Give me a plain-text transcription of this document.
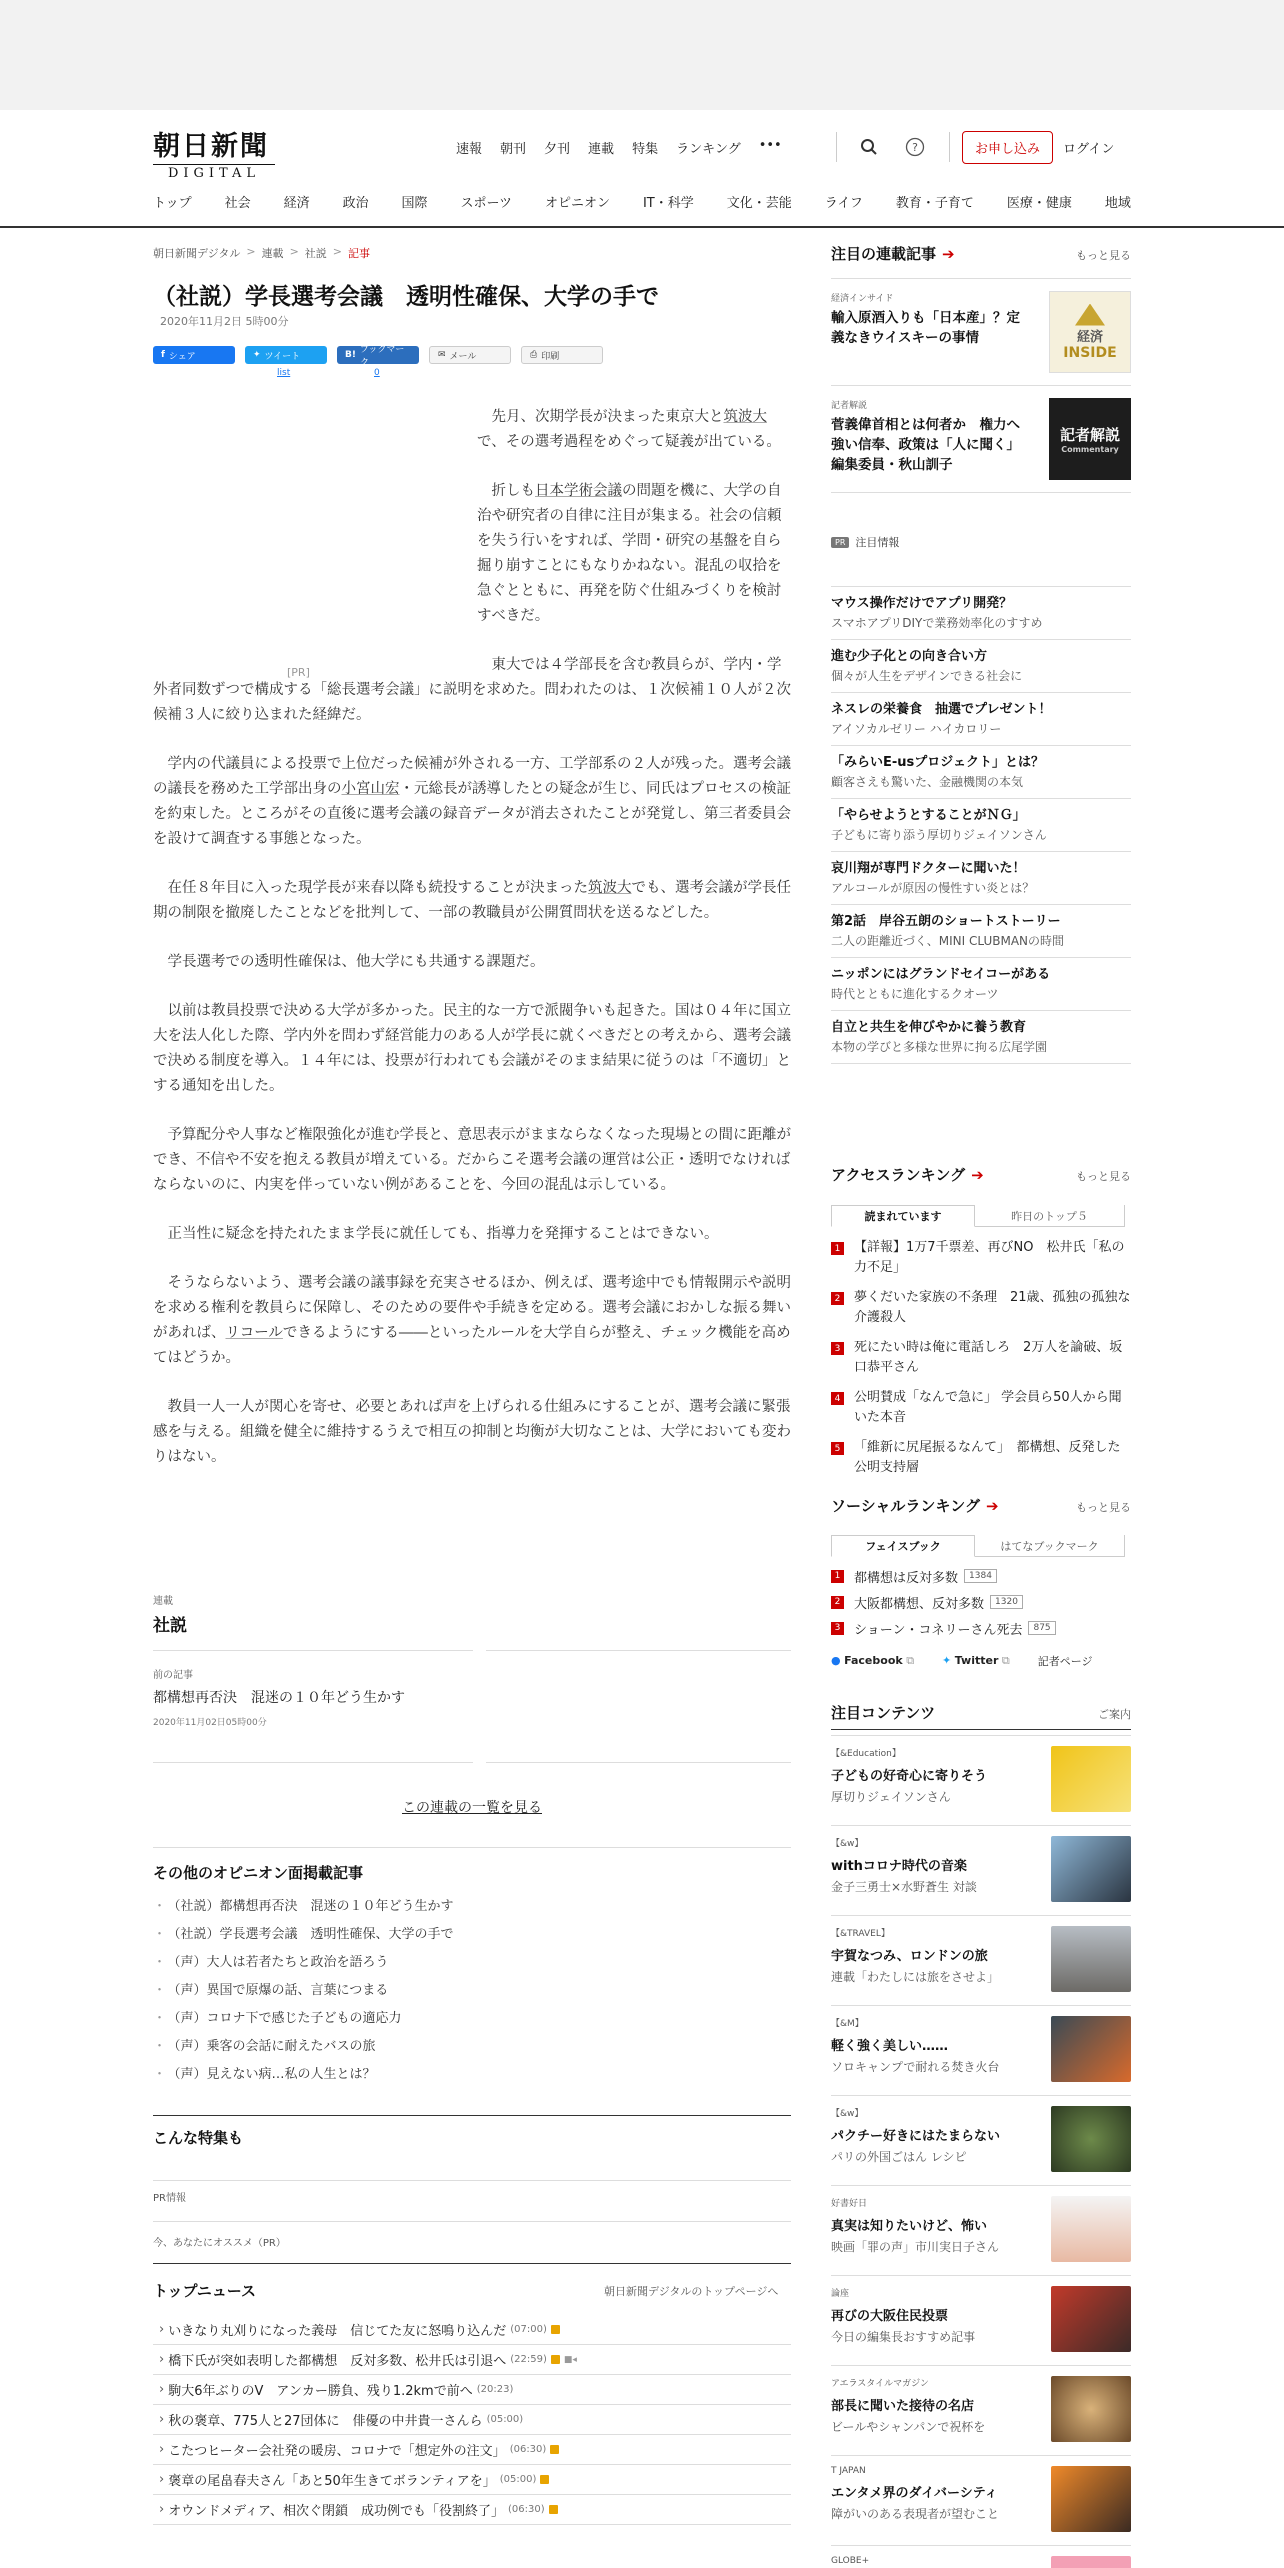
朝日新聞
DIGITAL
速報 朝刊 夕刊 連載 特集 ランキング •••	?	お申し込み	ログイン
トップ	社会	経済	政治	国際	スポーツ	オピニオン	IT・科学	文化・芸能	ライフ	教育・子育て	医療・健康	地域
朝日新聞デジタル > 連載 > 社説 > 記事
（社説）学長選考会議　透明性確保、大学の手で
2020年11月2日 5時00分
f シェア	✦ ツイート	B! ブックマーク
✉ メール	⎙ 印刷
list	0
[PR]

先月、次期学長が決まった東京大と筑波大で、その選考過程をめぐって疑義が出ている。

折しも日本学術会議の問題を機に、大学の自治や研究者の自律に注目が集まる。社会の信頼を失う行いをすれば、学問・研究の基盤を自ら掘り崩すことにもなりかねない。混乱の収拾を急ぐとともに、再発を防ぐ仕組みづくりを検討すべきだ。

東大では４学部長を含む教員らが、学内・学外者同数ずつで構成する「総長選考会議」に説明を求めた。問われたのは、１次候補１０人が２次候補３人に絞り込まれた経緯だ。

学内の代議員による投票で上位だった候補が外される一方、工学部系の２人が残った。選考会議の議長を務めた工学部出身の小宮山宏・元総長が誘導したとの疑念が生じ、同氏はプロセスの検証を約束した。ところがその直後に選考会議の録音データが消去されたことが発覚し、第三者委員会を設けて調査する事態となった。

在任８年目に入った現学長が来春以降も続投することが決まった筑波大でも、選考会議が学長任期の制限を撤廃したことなどを批判して、一部の教職員が公開質問状を送るなどした。

学長選考での透明性確保は、他大学にも共通する課題だ。

以前は教員投票で決める大学が多かった。民主的な一方で派閥争いも起きた。国は０４年に国立大を法人化した際、学内外を問わず経営能力のある人が学長に就くべきだとの考えから、選考会議で決める制度を導入。１４年には、投票が行われても会議がそのまま結果に従うのは「不適切」とする通知を出した。

予算配分や人事など権限強化が進む学長と、意思表示がままならなくなった現場との間に距離ができ、不信や不安を抱える教員が増えている。だからこそ選考会議の運営は公正・透明でなければならないのに、内実を伴っていない例があることを、今回の混乱は示している。

正当性に疑念を持たれたまま学長に就任しても、指導力を発揮することはできない。

そうならないよう、選考会議の議事録を充実させるほか、例えば、選考途中でも情報開示や説明を求める権利を教員らに保障し、そのための要件や手続きを定める。選考会議におかしな振る舞いがあれば、リコールできるようにする――といったルールを大学自らが整え、チェック機能を高めてはどうか。

教員一人一人が関心を寄せ、必要とあれば声を上げられる仕組みにすることが、選考会議に緊張感を与える。組織を健全に維持するうえで相互の抑制と均衡が大切なことは、大学においても変わりはない。

連載
社説
前の記事
都構想再否決　混迷の１０年どう生かす
2020年11月02日05時00分
この連載の一覧を見る
その他のオピニオン面掲載記事
・ （社説）都構想再否決　混迷の１０年どう生かす
・ （社説）学長選考会議　透明性確保、大学の手で
・ （声）大人は若者たちと政治を語ろう
・ （声）異国で原爆の話、言葉につまる
・ （声）コロナ下で感じた子どもの適応力
・ （声）乗客の会話に耐えたバスの旅
・ （声）見えない病…私の人生とは？
こんな特集も
PR情報
今、あなたにオススメ（PR）
トップニュース	朝日新聞デジタルのトップページへ
› いきなり丸刈りになった義母　信じてた友に怒鳴り込んだ (07:00)
› 橋下氏が突如表明した都構想　反対多数、松井氏は引退へ (22:59) ■◂
› 駒大6年ぶりのV　アンカー勝負、残り1.2kmで前へ (20:23)
› 秋の褒章、775人と27団体に　俳優の中井貴一さんら (05:00)
› こたつヒーター会社発の暖房、コロナで「想定外の注文」 (06:30)
› 褒章の尾畠春夫さん「あと50年生きてボランティアを」 (05:00)
› オウンドメディア、相次ぐ閉鎖　成功例でも「役割終了」 (06:30)
注目の連載記事 ➔	もっと見る
経済インサイド
輸入原酒入りも「日本産」？定義なきウイスキーの事情	経済
INSIDE
記者解説
菅義偉首相とは何者か　権力へ強い信奉、政策は「人に聞く」　編集委員・秋山訓子
記者解説
Commentary
PR 注目情報
マウス操作だけでアプリ開発？
スマホアプリDIYで業務効率化のすすめ
進む少子化との向き合い方
個々が人生をデザインできる社会に
ネスレの栄養食　抽選でプレゼント！
アイソカルゼリー ハイカロリー
「みらいE-usプロジェクト」とは？
顧客さえも驚いた、金融機関の本気
「やらせようとすることがＮＧ」
子どもに寄り添う厚切りジェイソンさん
哀川翔が専門ドクターに聞いた！
アルコールが原因の慢性すい炎とは？
第2話　岸谷五朗のショートストーリー
二人の距離近づく、MINI CLUBMANの時間
ニッポンにはグランドセイコーがある
時代とともに進化するクオーツ
自立と共生を伸びやかに養う教育
本物の学びと多様な世界に拘る広尾学園
アクセスランキング ➔	もっと見る
読まれています	昨日のトップ５
1 【詳報】1万7千票差、再びNO　松井氏「私の力不足」
2 夢くだいた家族の不条理　21歳、孤独の孤独な介護殺人
3 死にたい時は俺に電話しろ　2万人を論破、坂口恭平さん
4 公明賛成「なんで急に」 学会員ら50人から聞いた本音
5 「維新に尻尾振るなんて」　都構想、反発した公明支持層
ソーシャルランキング ➔	もっと見る
フェイスブック	はてなブックマーク
1 都構想は反対多数	1384
2 大阪都構想、反対多数	1320
3 ショーン・コネリーさん死去	875
● Facebook ⧉	✦ Twitter ⧉	記者ページ
注目コンテンツ	ご案内
【&Education】
子どもの好奇心に寄りそう
厚切りジェイソンさん
【&w】
withコロナ時代の音楽
金子三勇士×水野蒼生 対談
【&TRAVEL】
宇賀なつみ、ロンドンの旅
連載「わたしには旅をさせよ」
【&M】
軽く強く美しい……
ソロキャンプで耐れる焚き火台
【&w】
パクチー好きにはたまらない
パリの外国ごはん レシピ
好書好日
真実は知りたいけど、怖い
映画「罪の声」市川実日子さん
論座
再びの大阪住民投票
今日の編集長おすすめ記事
アエラスタイルマガジン
部長に聞いた接待の名店
ビールやシャンパンで祝杯を
T JAPAN
エンタメ界のダイバーシティ
障がいのある表現者が望むこと
GLOBE+
